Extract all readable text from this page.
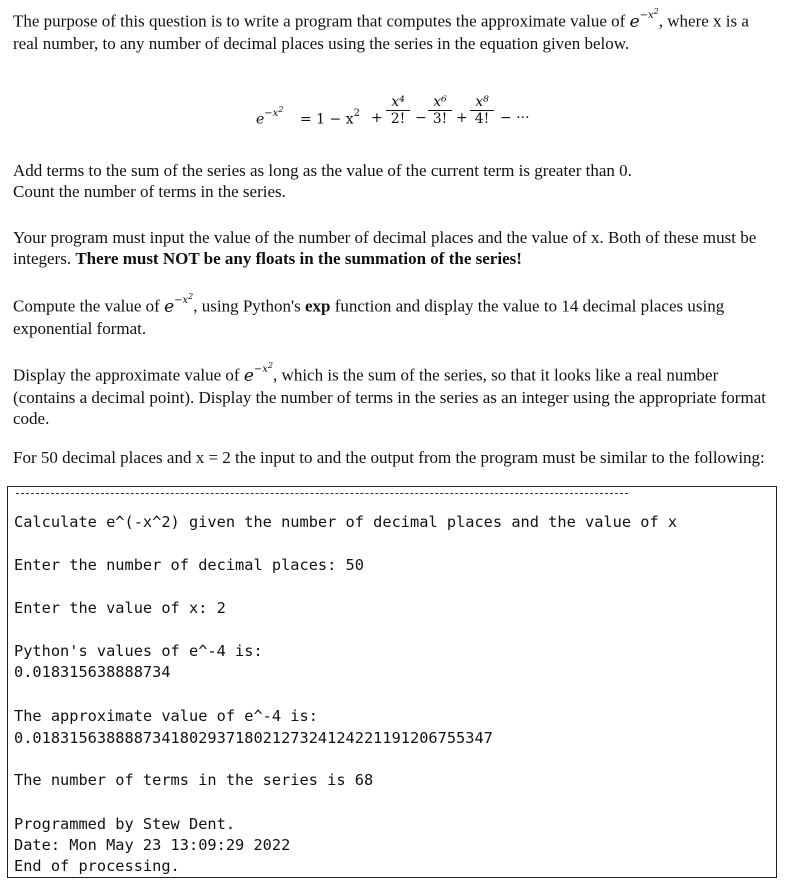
The purpose of this question is to write a program that computes the approximate value of $e^{-x^2}$, where x is a real number, to any number of decimal places using the series in the equation given below.

$e^{-x^2}$
= $1 - x^2$ +
x⁴
2! −
x⁶
3! +
x⁸
4! − ···

Add terms to the sum of the series as long as the value of the current term is greater than 0.
Count the number of terms in the series.

Your program must input the value of the number of decimal places and the value of x. Both of these must be integers. There must NOT be any floats in the summation of the series!

Compute the value of $e^{-x^2}$, using Python's exp function and display the value to 14 decimal places using exponential format.

Display the approximate value of $e^{-x^2}$, which is the sum of the series, so that it looks like a real number (contains a decimal point). Display the number of terms in the series as an integer using the appropriate format code.

For 50 decimal places and x = 2 the input to and the output from the program must be similar to the following:

Calculate e^(-x^2) given the number of decimal places and the value of x
Enter the number of decimal places: 50
Enter the value of x: 2
Python's values of e^-4 is:
0.018315638888734
The approximate value of e^-4 is:
0.01831563888873418029371802127324124221191206755347
The number of terms in the series is 68
Programmed by Stew Dent.
Date: Mon May 23 13:09:29 2022
End of processing.
